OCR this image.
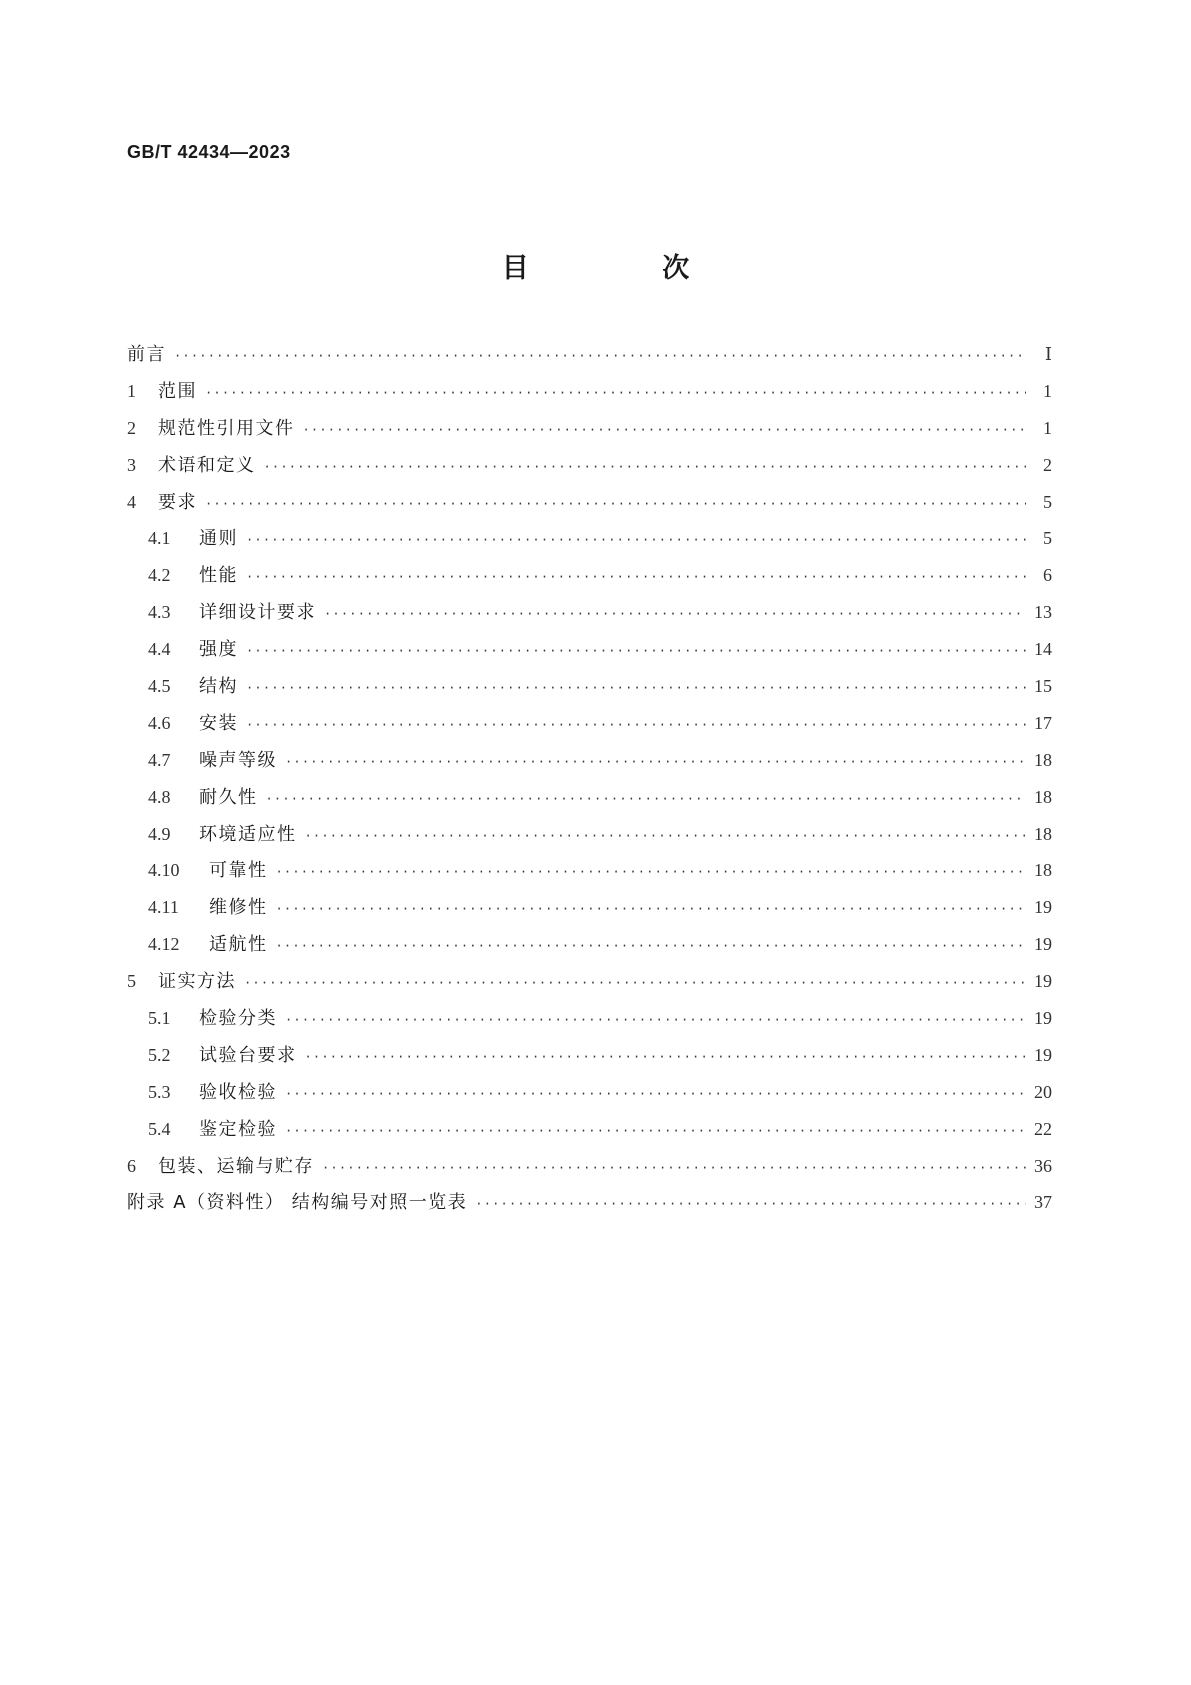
GB/T 42434—2023
目 次
前言 ·····	Ⅰ
1	范围 ·····	1
2	规范性引用文件 ·····	1
3	术语和定义 ·····	2
4	要求 ·····	5
4.1	通则 ·····	5
4.2	性能 ·····	6
4.3	详细设计要求 ·····	13
4.4	强度 ·····	14
4.5	结构 ·····	15
4.6	安装 ·····	17
4.7	噪声等级 ·····	18
4.8	耐久性 ·····	18
4.9	环境适应性 ·····	18
4.10	可靠性 ·····	18
4.11	维修性 ·····	19
4.12	适航性 ·····	19
5	证实方法 ·····	19
5.1	检验分类 ·····	19
5.2	试验台要求 ·····	19
5.3	验收检验 ·····	20
5.4	鉴定检验 ·····	22
6	包装、运输与贮存 ·····	36
附录 A（资料性） 结构编号对照一览表 ·····	37
